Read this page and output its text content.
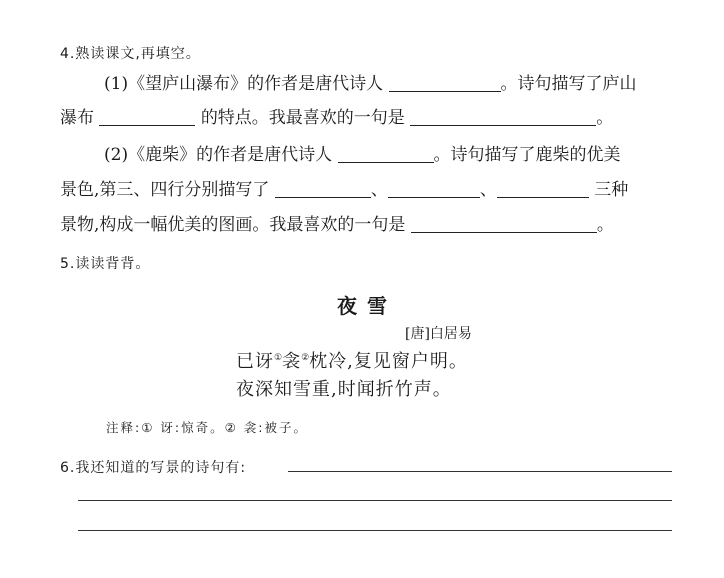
4.熟读课文,再填空。
(1)《望庐山瀑布》的作者是唐代诗人	。诗句描写了庐山
瀑布	的特点。我最喜欢的一句是	。
(2)《鹿柴》的作者是唐代诗人	。诗句描写了鹿柴的优美
景色,第三、四行分别描写了	、	、	三种
景物,构成一幅优美的图画。我最喜欢的一句是	。
5.读读背背。
夜雪
[唐]白居易
已讶①衾②枕冷,复见窗户明。
夜深知雪重,时闻折竹声。
注释:① 讶:惊奇。② 衾:被子。
6.我还知道的写景的诗句有:
